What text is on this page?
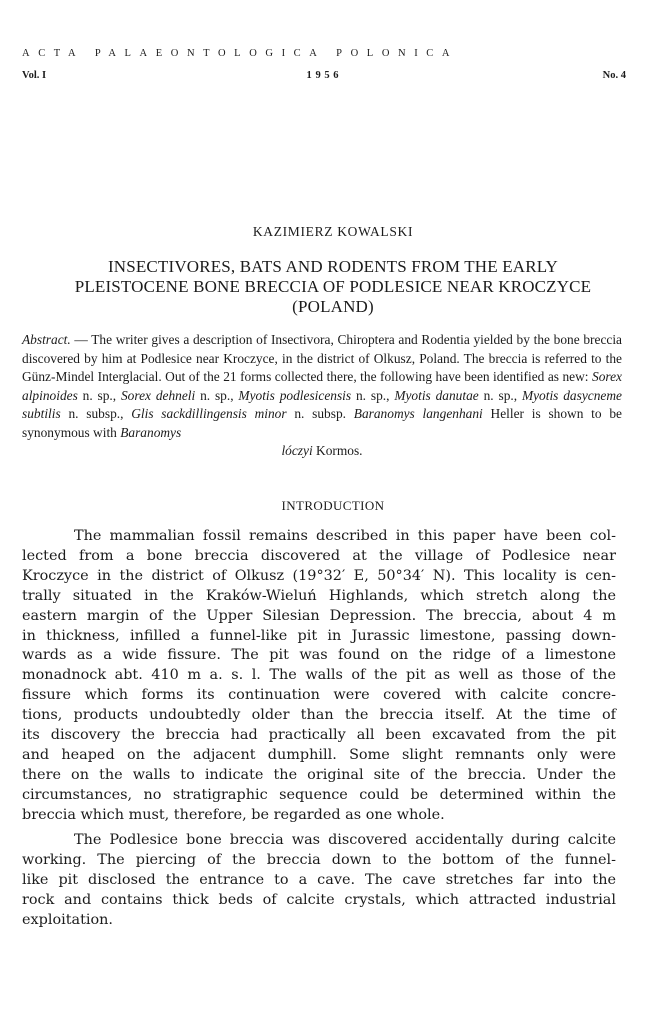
ACTA PALAEONTOLOGICA POLONICA
Vol. I	1956	No. 4
KAZIMIERZ KOWALSKI
INSECTIVORES, BATS AND RODENTS FROM THE EARLY
PLEISTOCENE BONE BRECCIA OF PODLESICE NEAR KROCZYCE
(POLAND)
Abstract. — The writer gives a description of Insectivora, Chiroptera and Rodentia yielded by the bone breccia discovered by him at Podlesice near Kroczyce, in the district of Olkusz, Poland. The breccia is referred to the Günz-Mindel Interglacial. Out of the 21 forms collected there, the following have been identified as new: Sorex alpinoides n. sp., Sorex dehneli n. sp., Myotis podlesicensis n. sp., Myotis danutae n. sp., Myotis dasycneme subtilis n. subsp., Glis sackdillingensis minor n. subsp. Baranomys langenhani Heller is shown to be synonymous with Baranomys
lóczyi Kormos.
INTRODUCTION
The mammalian fossil remains described in this paper have been col-
lected from a bone breccia discovered at the village of Podlesice near
Kroczyce in the district of Olkusz (19°32′ E, 50°34′ N). This locality is cen-
trally situated in the Kraków-Wieluń Highlands, which stretch along the
eastern margin of the Upper Silesian Depression. The breccia, about 4 m
in thickness, infilled a funnel-like pit in Jurassic limestone, passing down-
wards as a wide fissure. The pit was found on the ridge of a limestone
monadnock abt. 410 m a. s. l. The walls of the pit as well as those of the
fissure which forms its continuation were covered with calcite concre-
tions, products undoubtedly older than the breccia itself. At the time of
its discovery the breccia had practically all been excavated from the pit
and heaped on the adjacent dumphill. Some slight remnants only were
there on the walls to indicate the original site of the breccia. Under the
circumstances, no stratigraphic sequence could be determined within the
breccia which must, therefore, be regarded as one whole.
The Podlesice bone breccia was discovered accidentally during calcite
working. The piercing of the breccia down to the bottom of the funnel-
like pit disclosed the entrance to a cave. The cave stretches far into the
rock and contains thick beds of calcite crystals, which attracted industrial
exploitation.
